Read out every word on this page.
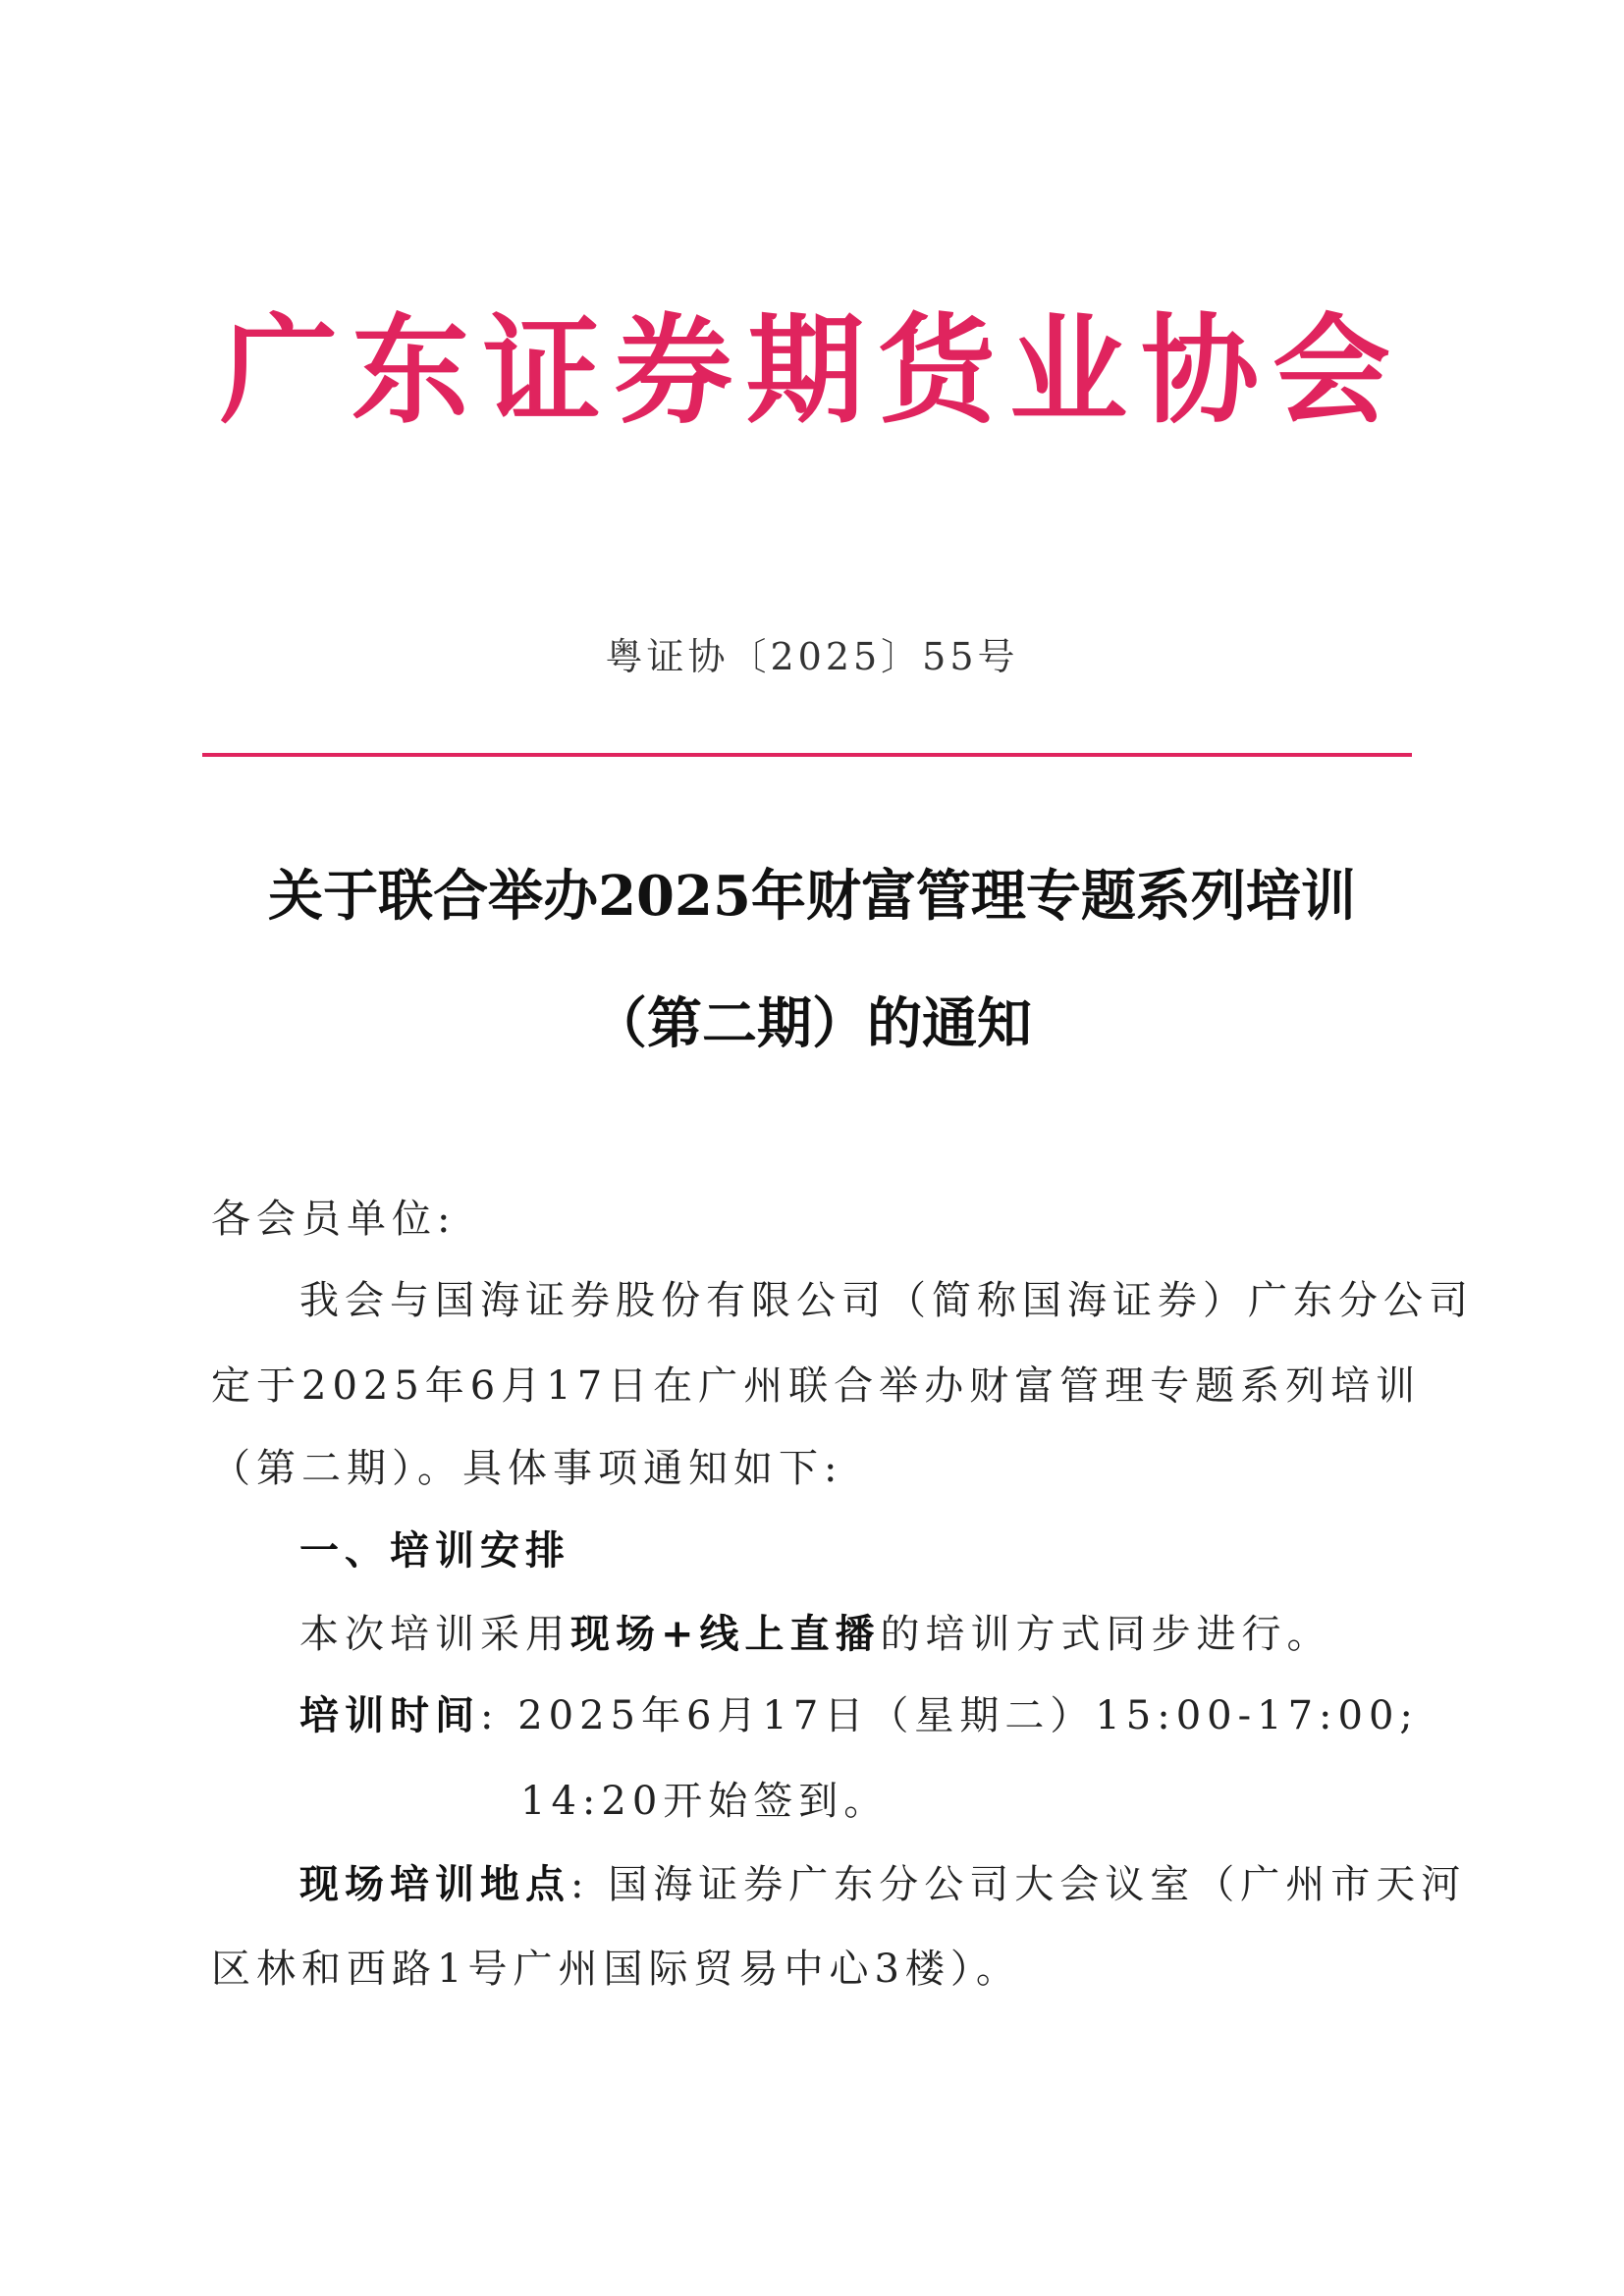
广东证券期货业协会
粤证协〔2025〕55号
关于联合举办2025年财富管理专题系列培训
（第二期）的通知
各会员单位:
我会与国海证券股份有限公司（简称国海证券）广东分公司
定于2025年6月17日在广州联合举办财富管理专题系列培训
（第二期）。具体事项通知如下:
一、培训安排
本次培训采用现场+线上直播的培训方式同步进行。
培训时间: 2025年6月17日（星期二）15:00-17:00;
14:20开始签到。
现场培训地点: 国海证券广东分公司大会议室（广州市天河
区林和西路1号广州国际贸易中心3楼）。
